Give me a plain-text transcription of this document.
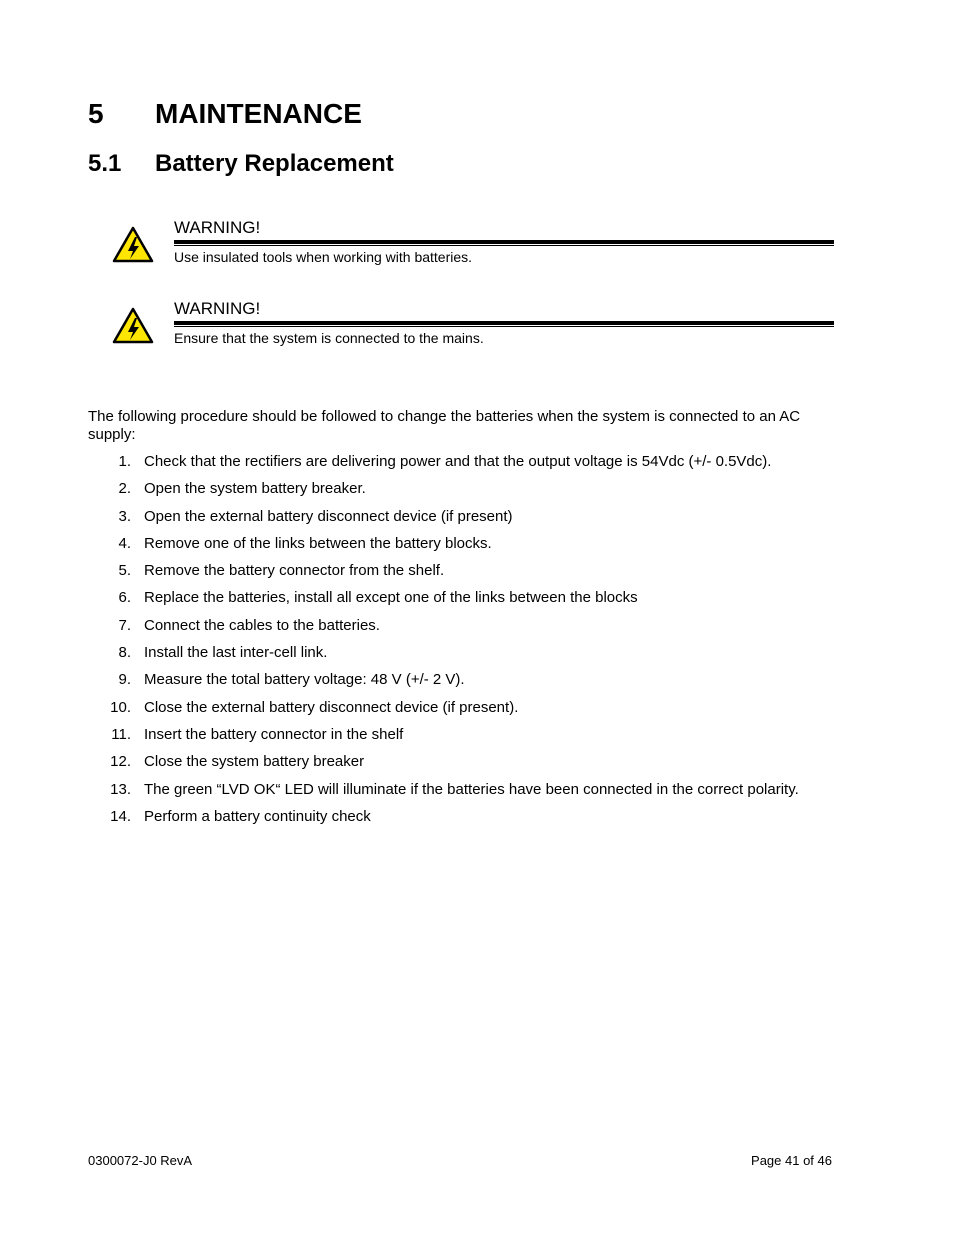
5	MAINTENANCE
5.1	Battery Replacement
WARNING!
Use insulated tools when working with batteries.
WARNING!
Ensure that the system is connected to the mains.
The following procedure should be followed to change the batteries when the system is connected to an AC supply:
1. Check that the rectifiers are delivering power and that the output voltage is 54Vdc (+/- 0.5Vdc).
2. Open the system battery breaker.
3. Open the external battery disconnect device (if present)
4. Remove one of the links between the battery blocks.
5. Remove the battery connector from the shelf.
6. Replace the batteries, install all except one of the links between the blocks
7. Connect the cables to the batteries.
8. Install the last inter-cell link.
9. Measure the total battery voltage: 48 V (+/- 2 V).
10. Close the external battery disconnect device (if present).
11. Insert the battery connector in the shelf
12. Close the system battery breaker
13. The green “LVD OK“ LED will illuminate if the batteries have been connected in the correct polarity.
14. Perform a battery continuity check
0300072-J0 RevA	Page 41 of 46
